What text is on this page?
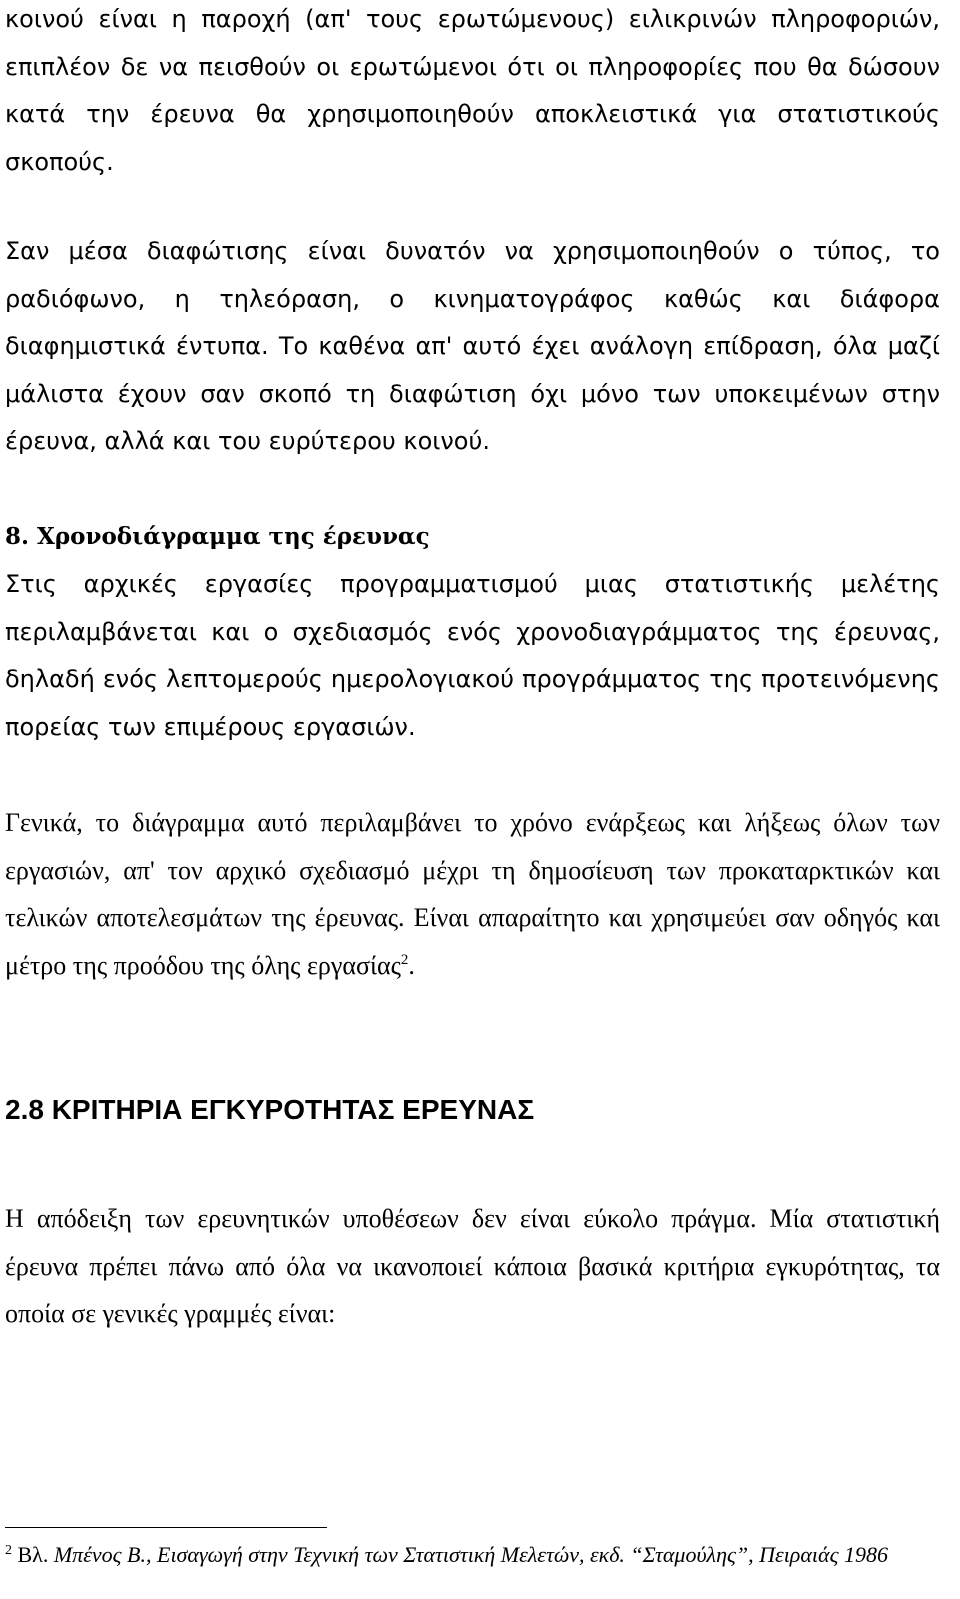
κοινού είναι η παροχή (απ' τους ερωτώμενους) ειλικρινών πληροφοριών, επιπλέον δε να πεισθούν οι ερωτώμενοι ότι οι πληροφορίες που θα δώσουν κατά την έρευνα θα χρησιμοποιηθούν αποκλειστικά για στατιστικούς σκοπούς.

Σαν μέσα διαφώτισης είναι δυνατόν να χρησιμοποιηθούν ο τύπος, το ραδιόφωνο, η τηλεόραση, ο κινηματογράφος καθώς και διάφορα διαφημιστικά έντυπα. Το καθένα απ' αυτό έχει ανάλογη επίδραση, όλα μαζί μάλιστα έχουν σαν σκοπό τη διαφώτιση όχι μόνο των υποκειμένων στην έρευνα, αλλά και του ευρύτερου κοινού.

8. Χρονοδιάγραμμα της έρευνας

Στις αρχικές εργασίες προγραμματισμού μιας στατιστικής μελέτης περιλαμβάνεται και ο σχεδιασμός ενός χρονοδιαγράμματος της έρευνας, δηλαδή ενός λεπτομερούς ημερολογιακού προγράμματος της προτεινόμενης πορείας των επιμέρους εργασιών.

Γενικά, το διάγραμμα αυτό περιλαμβάνει το χρόνο ενάρξεως και λήξεως όλων των εργασιών, απ' τον αρχικό σχεδιασμό μέχρι τη δημοσίευση των προκαταρκτικών και τελικών αποτελεσμάτων της έρευνας. Είναι απαραίτητο και χρησιμεύει σαν οδηγός και μέτρο της προόδου της όλης εργασίας$^2$.

2.8 ΚΡΙΤΗΡΙΑ ΕΓΚΥΡΟΤΗΤΑΣ ΕΡΕΥΝΑΣ

Η απόδειξη των ερευνητικών υποθέσεων δεν είναι εύκολο πράγμα. Μία στατιστική έρευνα πρέπει πάνω από όλα να ικανοποιεί κάποια βασικά κριτήρια εγκυρότητας, τα οποία σε γενικές γραμμές είναι:

$^2$ Βλ. Μπένος Β., Εισαγωγή στην Τεχνική των Στατιστική Μελετών, εκδ. “Σταμούλης”, Πειραιάς 1986
